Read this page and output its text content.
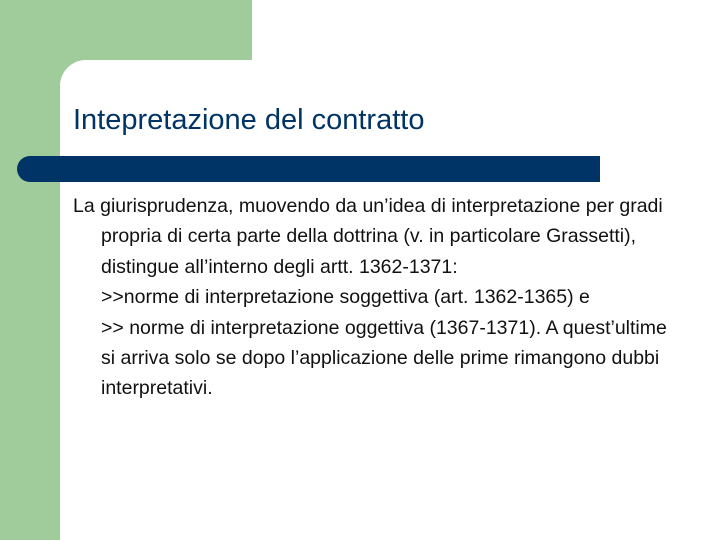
Intepretazione del contratto

La giurisprudenza, muovendo da un’idea di interpretazione per gradi propria di certa parte della dottrina (v. in particolare Grassetti), distingue all’interno degli artt. 1362-1371:

>>norme di interpretazione soggettiva (art. 1362-1365) e

>> norme di interpretazione oggettiva (1367-1371). A quest’ultime si arriva solo se dopo l’applicazione delle prime rimangono dubbi interpretativi.
